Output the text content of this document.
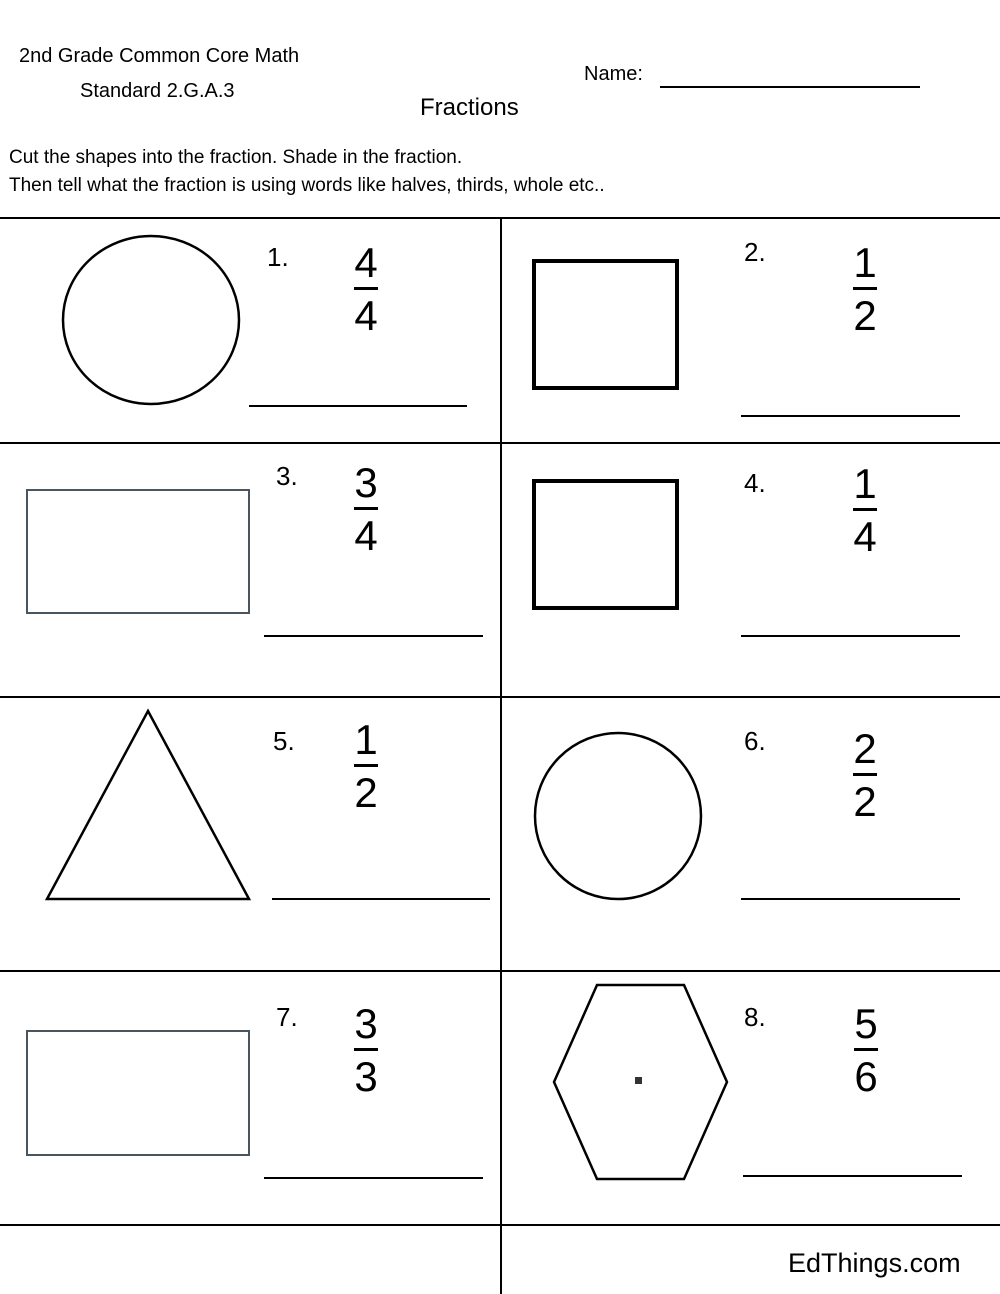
2nd Grade Common Core Math
Standard 2.G.A.3
Name:
Fractions
Cut the shapes into the fraction. Shade in the fraction.
Then tell what the fraction is using words like halves, thirds, whole etc..
1. 4
4
2. 1
2
3. 3
4
4. 1
4
5. 1
2
6. 2
2
7. 3
3
8. 5
6
EdThings.com
